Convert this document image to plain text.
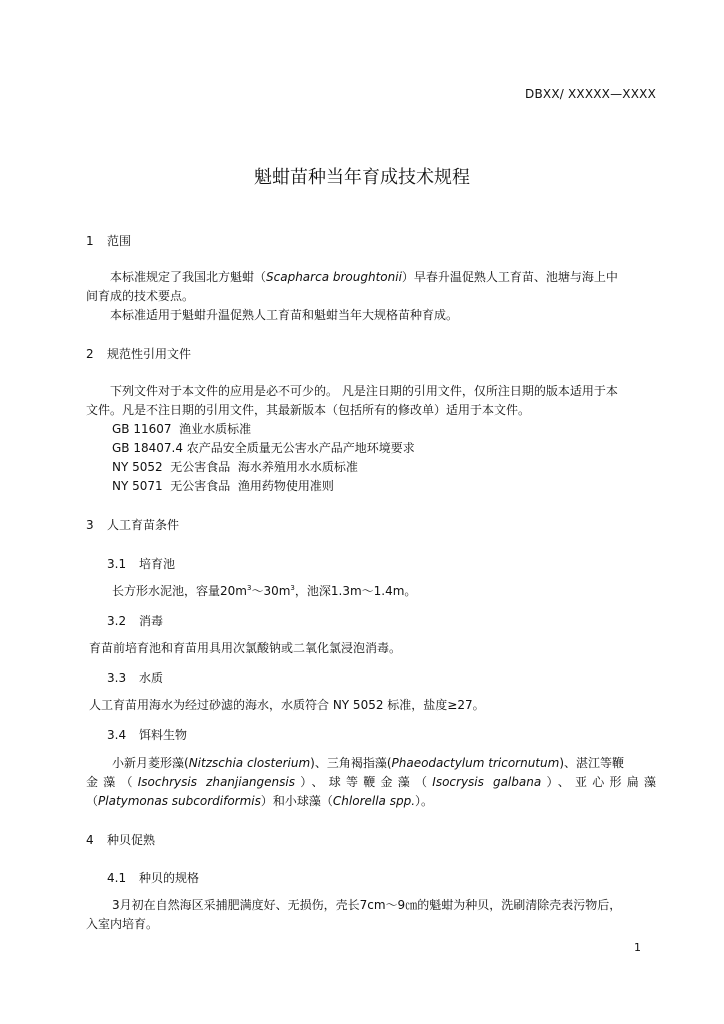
DBXX/ XXXXX—XXXX
魁蚶苗种当年育成技术规程
1 范围
本标准规定了我国北方魁蚶（Scapharca broughtonii）早春升温促熟人工育苗、池塘与海上中
间育成的技术要点。
本标准适用于魁蚶升温促熟人工育苗和魁蚶当年大规格苗种育成。
2 规范性引用文件
下列文件对于本文件的应用是必不可少的。 凡是注日期的引用文件，仅所注日期的版本适用于本
文件。凡是不注日期的引用文件，其最新版本（包括所有的修改单）适用于本文件。
GB 11607  渔业水质标准
GB 18407.4 农产品安全质量无公害水产品产地环境要求
NY 5052  无公害食品  海水养殖用水水质标准
NY 5071  无公害食品  渔用药物使用准则
3 人工育苗条件
3.1 培育池
长方形水泥池，容量$20m^3\sim 30m^3$，池深1.3m～1.4m。
3.2 消毒
育苗前培育池和育苗用具用次氯酸钠或二氧化氯浸泡消毒。
3.3 水质
人工育苗用海水为经过砂滤的海水，水质符合 NY 5052 标准，盐度≥27。
3.4 饵料生物
小新月菱形藻(Nitzschia closterium)、三角褐指藻(Phaeodactylum tricornutum)、湛江等鞭
金藻（Isochrysis zhanjiangensis）、球等鞭金藻（Isocrysis galbana）、亚心形扁藻
（Platymonas subcordiformis）和小球藻（Chlorella spp.）。
4 种贝促熟
4.1 种贝的规格
3月初在自然海区采捕肥满度好、无损伤，壳长7cm～9㎝的魁蚶为种贝，洗刷清除壳表污物后，
入室内培育。
1
